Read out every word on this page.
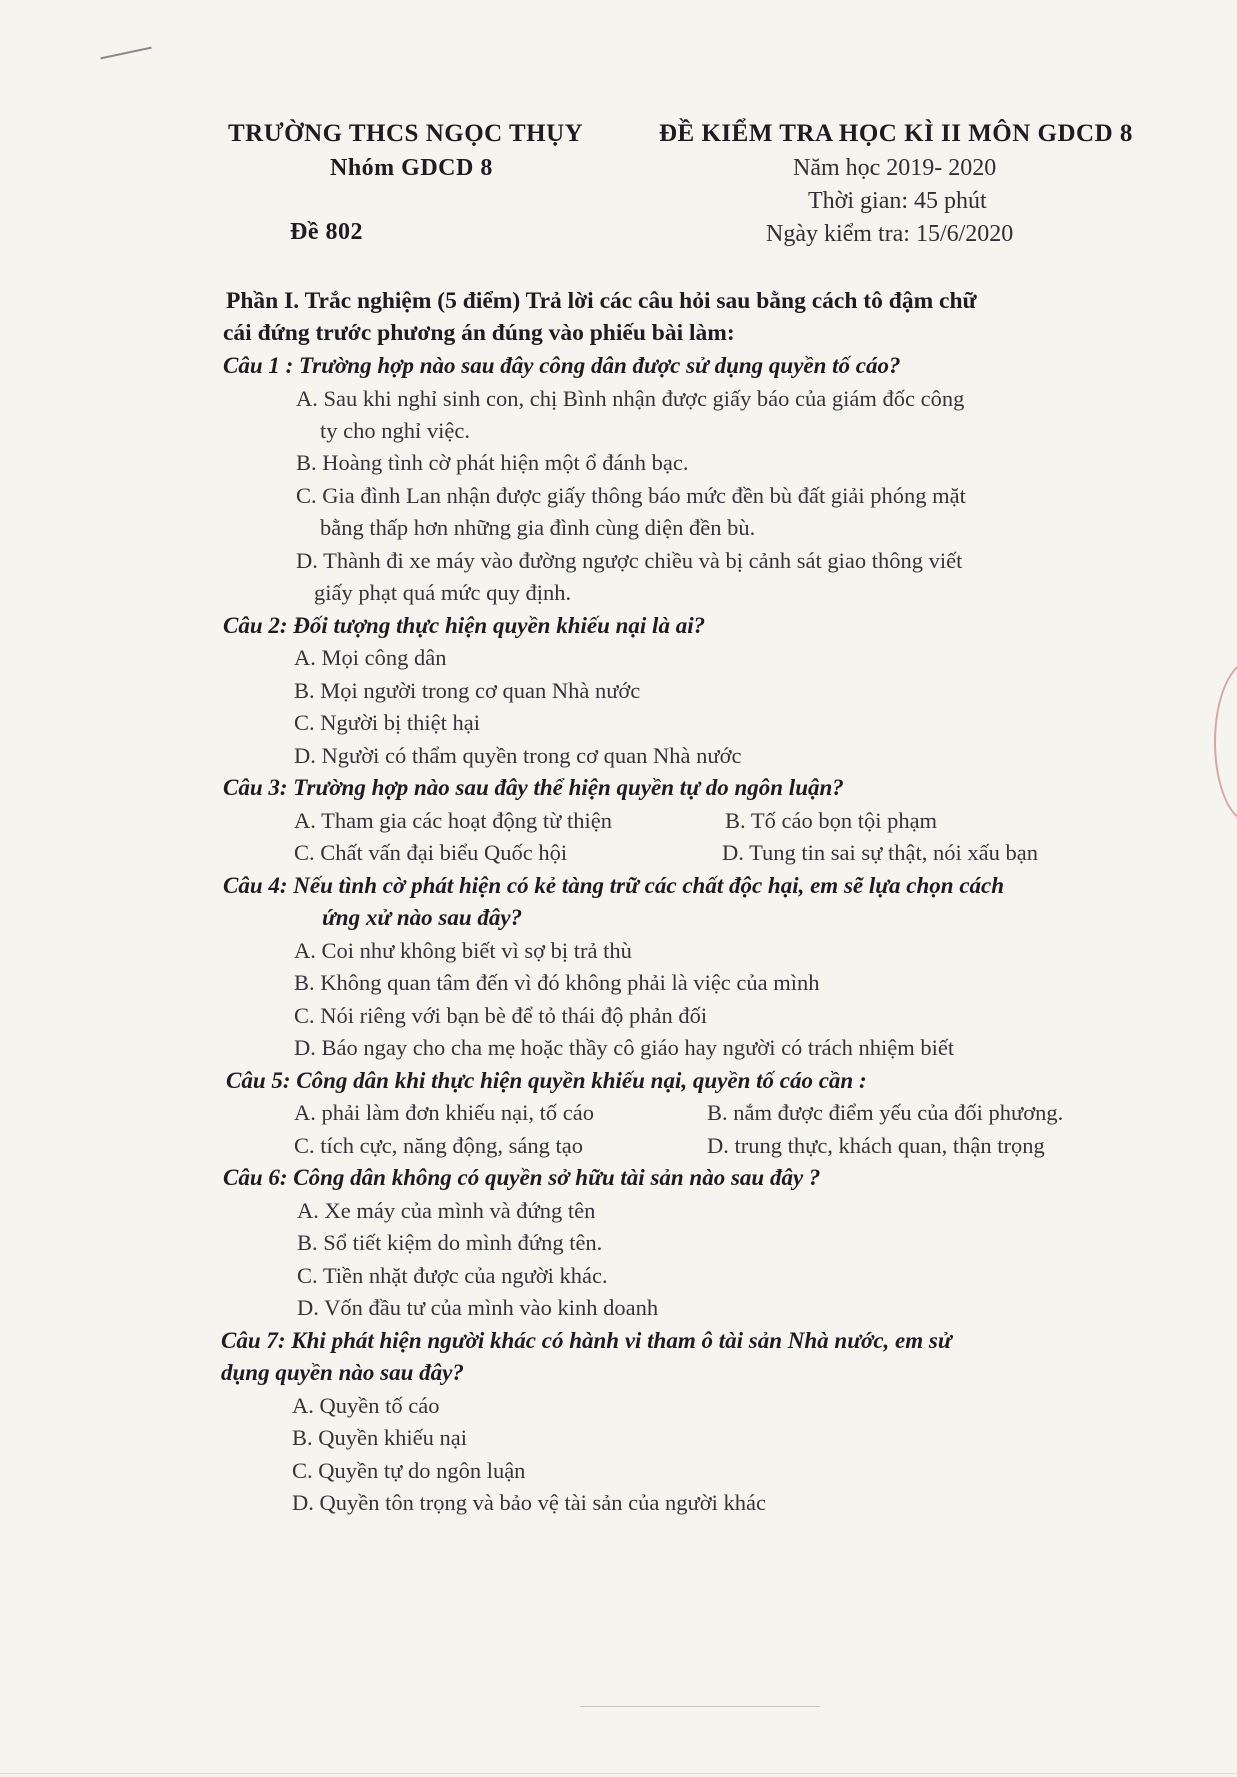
TRƯỜNG THCS NGỌC THỤY
Nhóm GDCD 8
Đề 802
ĐỀ KIỂM TRA HỌC KÌ II MÔN GDCD 8
Năm học 2019- 2020
Thời gian: 45 phút
Ngày kiểm tra: 15/6/2020
Phần I. Trắc nghiệm (5 điểm) Trả lời các câu hỏi sau bằng cách tô đậm chữ
cái đứng trước phương án đúng vào phiếu bài làm:
Câu 1 : Trường hợp nào sau đây công dân được sử dụng quyền tố cáo?
A. Sau khi nghỉ sinh con, chị Bình nhận được giấy báo của giám đốc công
ty cho nghỉ việc.
B. Hoàng tình cờ phát hiện một ổ đánh bạc.
C. Gia đình Lan nhận được giấy thông báo mức đền bù đất giải phóng mặt
bằng thấp hơn những gia đình cùng diện đền bù.
D. Thành đi xe máy vào đường ngược chiều và bị cảnh sát giao thông viết
giấy phạt quá mức quy định.
Câu 2: Đối tượng thực hiện quyền khiếu nại là ai?
A. Mọi công dân
B. Mọi người trong cơ quan Nhà nước
C. Người bị thiệt hại
D. Người có thẩm quyền trong cơ quan Nhà nước
Câu 3: Trường hợp nào sau đây thể hiện quyền tự do ngôn luận?
A. Tham gia các hoạt động từ thiện	B. Tố cáo bọn tội phạm
C. Chất vấn đại biểu Quốc hội	D. Tung tin sai sự thật, nói xấu bạn
Câu 4: Nếu tình cờ phát hiện có kẻ tàng trữ các chất độc hại, em sẽ lựa chọn cách
ứng xử nào sau đây?
A. Coi như không biết vì sợ bị trả thù
B. Không quan tâm đến vì đó không phải là việc của mình
C. Nói riêng với bạn bè để tỏ thái độ phản đối
D. Báo ngay cho cha mẹ hoặc thầy cô giáo hay người có trách nhiệm biết
Câu 5: Công dân khi thực hiện quyền khiếu nại, quyền tố cáo cần :
A. phải làm đơn khiếu nại, tố cáo	B. nắm được điểm yếu của đối phương.
C. tích cực, năng động, sáng tạo	D. trung thực, khách quan, thận trọng
Câu 6: Công dân không có quyền sở hữu tài sản nào sau đây ?
A. Xe máy của mình và đứng tên
B. Sổ tiết kiệm do mình đứng tên.
C. Tiền nhặt được của người khác.
D. Vốn đầu tư của mình vào kinh doanh
Câu 7: Khi phát hiện người khác có hành vi tham ô tài sản Nhà nước, em sử
dụng quyền nào sau đây?
A. Quyền tố cáo
B. Quyền khiếu nại
C. Quyền tự do ngôn luận
D. Quyền tôn trọng và bảo vệ tài sản của người khác
